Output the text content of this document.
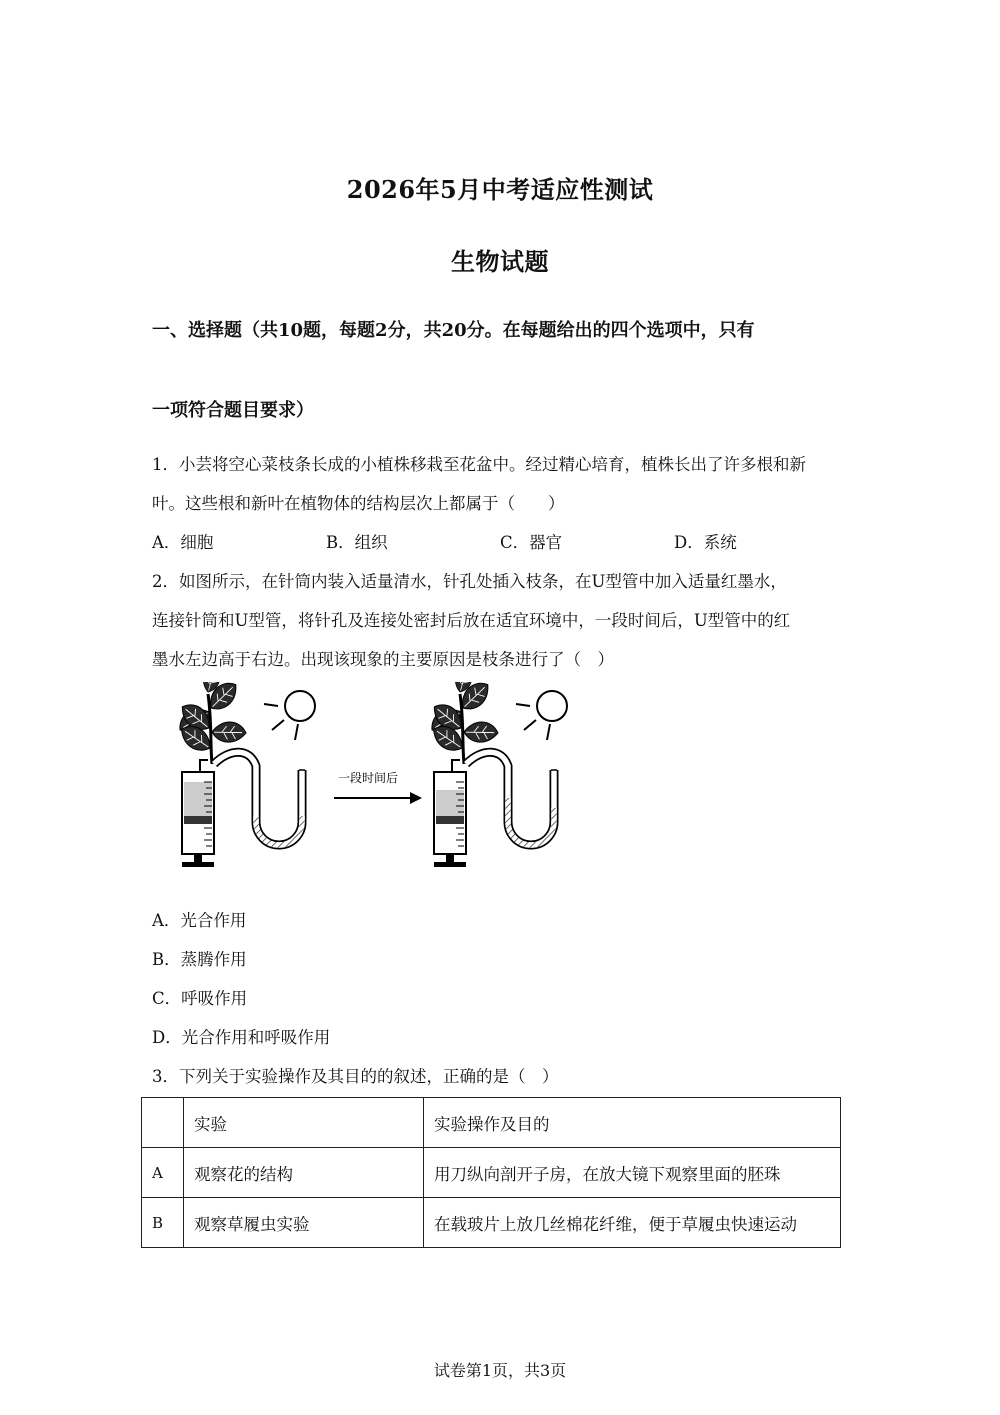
2026年5月中考适应性测试
生物试题
一、选择题（共10题，每题2分，共20分。在每题给出的四个选项中，只有
一项符合题目要求）
1．小芸将空心菜枝条长成的小植株移栽至花盆中。经过精心培育，植株长出了许多根和新
叶。这些根和新叶在植物体的结构层次上都属于（　　）
A．细胞	B．组织	C．器官	D．系统
2．如图所示，在针筒内装入适量清水，针孔处插入枝条，在U型管中加入适量红墨水，
连接针筒和U型管，将针孔及连接处密封后放在适宜环境中，一段时间后，U型管中的红
墨水左边高于右边。出现该现象的主要原因是枝条进行了（　）
一段时间后
A．光合作用
B．蒸腾作用
C．呼吸作用
D．光合作用和呼吸作用
3．下列关于实验操作及其目的的叙述，正确的是（　）
	实验	实验操作及目的
A	观察花的结构	用刀纵向剖开子房，在放大镜下观察里面的胚珠
B	观察草履虫实验	在载玻片上放几丝棉花纤维，便于草履虫快速运动
试卷第1页，共3页
